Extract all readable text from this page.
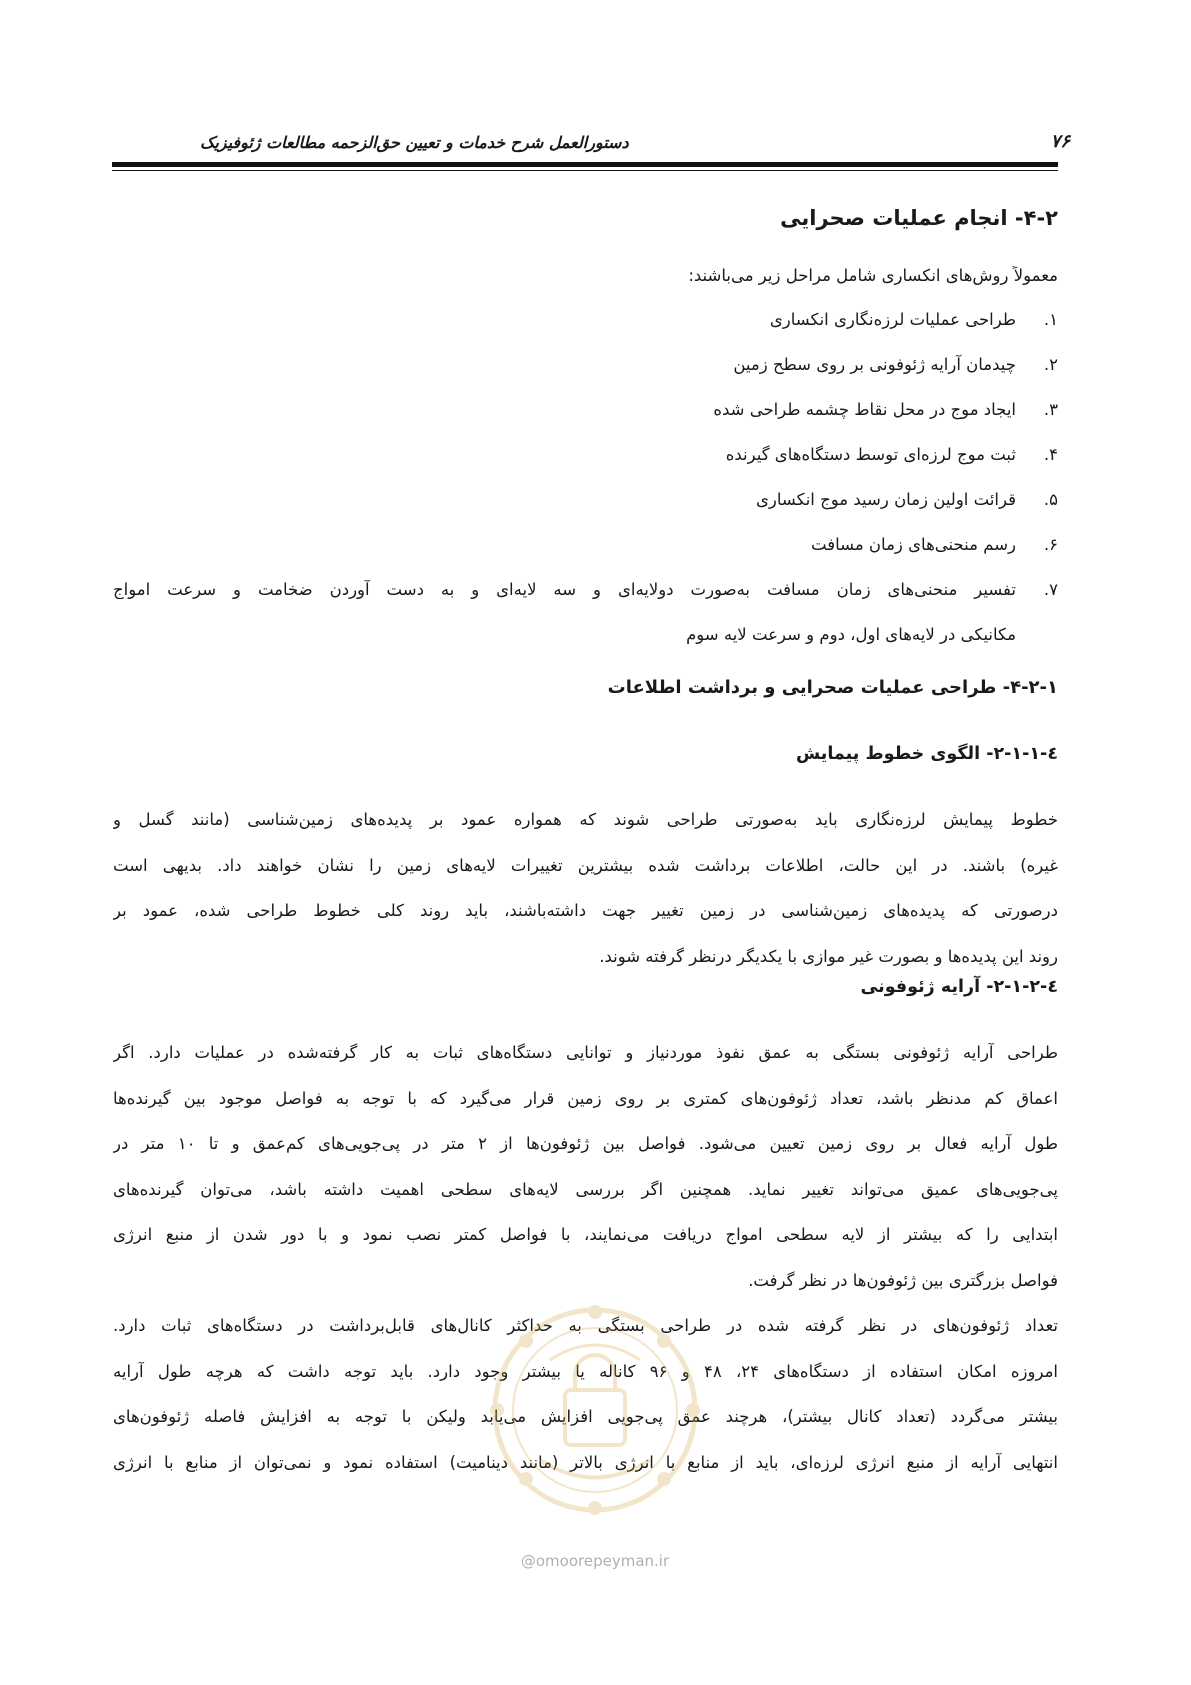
دستورالعمل شرح خدمات و تعیین حق‌الزحمه مطالعات ژئوفیزیک	۷۶
۴-۲- انجام عملیات صحرایی
معمولاً روش‌های انکساری شامل مراحل زیر می‌باشند:
۱.
طراحی عملیات لرزه‌نگاری انکساری
۲.
چیدمان آرایه ژئوفونی بر روی سطح زمین
۳.
ایجاد موج در محل نقاط چشمه طراحی شده
۴.
ثبت موج لرزه‌ای توسط دستگاه‌های گیرنده
۵.
قرائت اولین زمان رسید موج انکساری
۶.
رسم منحنی‌های زمان مسافت
۷.
تفسیر منحنی‌های زمان مسافت به‌صورت دولایه‌ای و سه لایه‌ای و به دست آوردن ضخامت و سرعت امواج
مکانیکی در لایه‌های اول، دوم و سرعت لایه سوم
۴-۲-۱- طراحی عملیات صحرایی و برداشت اطلاعات
٤-۲-۱-۱- الگوی خطوط پیمایش
خطوط پیمایش لرزه‌نگاری باید به‌صورتی طراحی شوند که همواره عمود بر پدیده‌های زمین‌شناسی (مانند گسل و
غیره) باشند. در این حالت، اطلاعات برداشت شده بیشترین تغییرات لایه‌های زمین را نشان خواهند داد. بدیهی است
درصورتی که پدیده‌های زمین‌شناسی در زمین تغییر جهت داشته‌باشند، باید روند کلی خطوط طراحی شده، عمود بر
روند این پدیده‌ها و بصورت غیر موازی با یکدیگر درنظر گرفته شوند.
٤-۲-۱-۲- آرایه ژئوفونی
طراحی آرایه ژئوفونی بستگی به عمق نفوذ موردنیاز و توانایی دستگاه‌های ثبات به کار گرفته‌شده در عملیات دارد. اگر
اعماق کم مدنظر باشد، تعداد ژئوفون‌های کمتری بر روی زمین قرار می‌گیرد که با توجه به فواصل موجود بین گیرنده‌ها
طول آرایه فعال بر روی زمین تعیین می‌شود. فواصل بین ژئوفون‌ها از ۲ متر در پی‌جویی‌های کم‌عمق و تا ۱۰ متر در
پی‌جویی‌های عمیق می‌تواند تغییر نماید. همچنین اگر بررسی لایه‌های سطحی اهمیت داشته باشد، می‌توان گیرنده‌های
ابتدایی را که بیشتر از لایه سطحی امواج دریافت می‌نمایند، با فواصل کمتر نصب نمود و با دور شدن از منبع انرژی
فواصل بزرگتری بین ژئوفون‌ها در نظر گرفت.
تعداد ژئوفون‌های در نظر گرفته شده در طراحی بستگی به حداکثر کانال‌های قابل‌برداشت در دستگاه‌های ثبات دارد.
امروزه امکان استفاده از دستگاه‌های ۲۴، ۴۸ و ۹۶ کاناله یا بیشتر وجود دارد. باید توجه داشت که هرچه طول آرایه
بیشتر می‌گردد (تعداد کانال بیشتر)، هرچند عمق پی‌جویی افزایش می‌یابد ولیکن با توجه به افزایش فاصله ژئوفون‌های
انتهایی آرایه از منبع انرژی لرزه‌ای، باید از منابع با انرژی بالاتر (مانند دینامیت) استفاده نمود و نمی‌توان از منابع با انرژی
@omoorepeyman.ir
